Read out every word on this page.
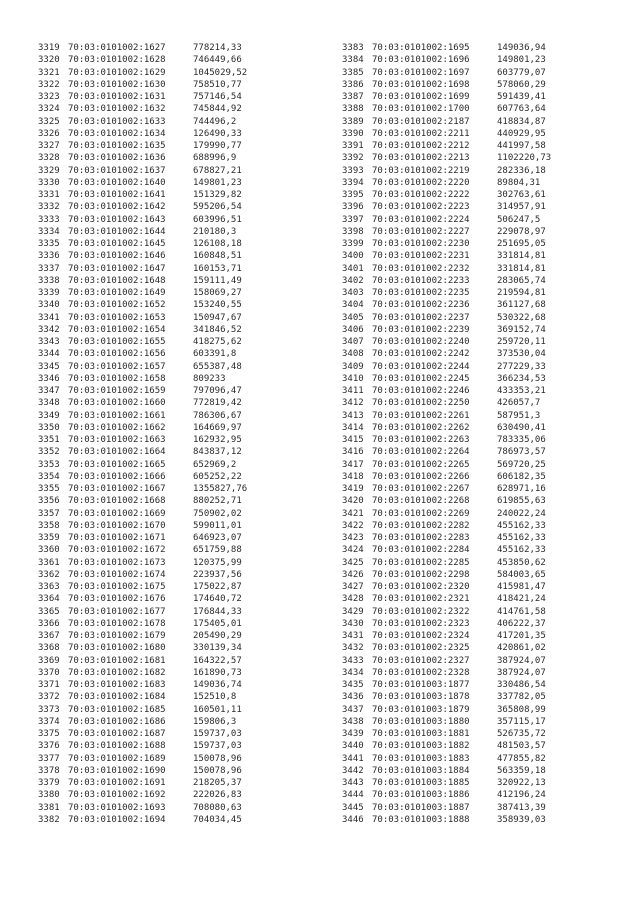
3319 70:03:0101002:1627	778214,33
3320 70:03:0101002:1628	746449,66
3321 70:03:0101002:1629	1045029,52
3322 70:03:0101002:1630	758510,77
3323 70:03:0101002:1631	757146,54
3324 70:03:0101002:1632	745844,92
3325 70:03:0101002:1633	744496,2
3326 70:03:0101002:1634	126490,33
3327 70:03:0101002:1635	179990,77
3328 70:03:0101002:1636	688996,9
3329 70:03:0101002:1637	678827,21
3330 70:03:0101002:1640	149801,23
3331 70:03:0101002:1641	151329,82
3332 70:03:0101002:1642	595206,54
3333 70:03:0101002:1643	603996,51
3334 70:03:0101002:1644	210180,3
3335 70:03:0101002:1645	126108,18
3336 70:03:0101002:1646	160848,51
3337 70:03:0101002:1647	160153,71
3338 70:03:0101002:1648	159111,49
3339 70:03:0101002:1649	158069,27
3340 70:03:0101002:1652	153240,55
3341 70:03:0101002:1653	150947,67
3342 70:03:0101002:1654	341846,52
3343 70:03:0101002:1655	418275,62
3344 70:03:0101002:1656	603391,8
3345 70:03:0101002:1657	655387,48
3346 70:03:0101002:1658	809233
3347 70:03:0101002:1659	797096,47
3348 70:03:0101002:1660	772819,42
3349 70:03:0101002:1661	786306,67
3350 70:03:0101002:1662	164669,97
3351 70:03:0101002:1663	162932,95
3352 70:03:0101002:1664	843837,12
3353 70:03:0101002:1665	652969,2
3354 70:03:0101002:1666	605252,22
3355 70:03:0101002:1667	1355827,76
3356 70:03:0101002:1668	880252,71
3357 70:03:0101002:1669	750902,02
3358 70:03:0101002:1670	599011,01
3359 70:03:0101002:1671	646923,07
3360 70:03:0101002:1672	651759,88
3361 70:03:0101002:1673	120375,99
3362 70:03:0101002:1674	223937,56
3363 70:03:0101002:1675	175022,87
3364 70:03:0101002:1676	174640,72
3365 70:03:0101002:1677	176844,33
3366 70:03:0101002:1678	175405,01
3367 70:03:0101002:1679	205490,29
3368 70:03:0101002:1680	330139,34
3369 70:03:0101002:1681	164322,57
3370 70:03:0101002:1682	161890,73
3371 70:03:0101002:1683	149036,74
3372 70:03:0101002:1684	152510,8
3373 70:03:0101002:1685	160501,11
3374 70:03:0101002:1686	159806,3
3375 70:03:0101002:1687	159737,03
3376 70:03:0101002:1688	159737,03
3377 70:03:0101002:1689	150078,96
3378 70:03:0101002:1690	150078,96
3379 70:03:0101002:1691	218205,37
3380 70:03:0101002:1692	222026,83
3381 70:03:0101002:1693	708080,63
3382 70:03:0101002:1694	704034,45
3383 70:03:0101002:1695	149036,94
3384 70:03:0101002:1696	149801,23
3385 70:03:0101002:1697	603779,07
3386 70:03:0101002:1698	578060,29
3387 70:03:0101002:1699	591439,41
3388 70:03:0101002:1700	607763,64
3389 70:03:0101002:2187	418834,87
3390 70:03:0101002:2211	440929,95
3391 70:03:0101002:2212	441997,58
3392 70:03:0101002:2213	1102220,73
3393 70:03:0101002:2219	282336,18
3394 70:03:0101002:2220	89804,31
3395 70:03:0101002:2222	302763,61
3396 70:03:0101002:2223	314957,91
3397 70:03:0101002:2224	506247,5
3398 70:03:0101002:2227	229078,97
3399 70:03:0101002:2230	251695,05
3400 70:03:0101002:2231	331814,81
3401 70:03:0101002:2232	331814,81
3402 70:03:0101002:2233	283065,74
3403 70:03:0101002:2235	219594,81
3404 70:03:0101002:2236	361127,68
3405 70:03:0101002:2237	530322,68
3406 70:03:0101002:2239	369152,74
3407 70:03:0101002:2240	259720,11
3408 70:03:0101002:2242	373530,04
3409 70:03:0101002:2244	277229,33
3410 70:03:0101002:2245	366234,53
3411 70:03:0101002:2246	433353,21
3412 70:03:0101002:2250	426057,7
3413 70:03:0101002:2261	587951,3
3414 70:03:0101002:2262	630490,41
3415 70:03:0101002:2263	783335,06
3416 70:03:0101002:2264	786973,57
3417 70:03:0101002:2265	569720,25
3418 70:03:0101002:2266	606182,35
3419 70:03:0101002:2267	628971,16
3420 70:03:0101002:2268	619855,63
3421 70:03:0101002:2269	240022,24
3422 70:03:0101002:2282	455162,33
3423 70:03:0101002:2283	455162,33
3424 70:03:0101002:2284	455162,33
3425 70:03:0101002:2285	453850,62
3426 70:03:0101002:2298	584003,65
3427 70:03:0101002:2320	415981,47
3428 70:03:0101002:2321	418421,24
3429 70:03:0101002:2322	414761,58
3430 70:03:0101002:2323	406222,37
3431 70:03:0101002:2324	417201,35
3432 70:03:0101002:2325	420861,02
3433 70:03:0101002:2327	387924,07
3434 70:03:0101002:2328	387924,07
3435 70:03:0101003:1877	330486,54
3436 70:03:0101003:1878	337782,05
3437 70:03:0101003:1879	365808,99
3438 70:03:0101003:1880	357115,17
3439 70:03:0101003:1881	526735,72
3440 70:03:0101003:1882	481503,57
3441 70:03:0101003:1883	477855,82
3442 70:03:0101003:1884	563359,18
3443 70:03:0101003:1885	320922,13
3444 70:03:0101003:1886	412196,24
3445 70:03:0101003:1887	387413,39
3446 70:03:0101003:1888	358939,03
